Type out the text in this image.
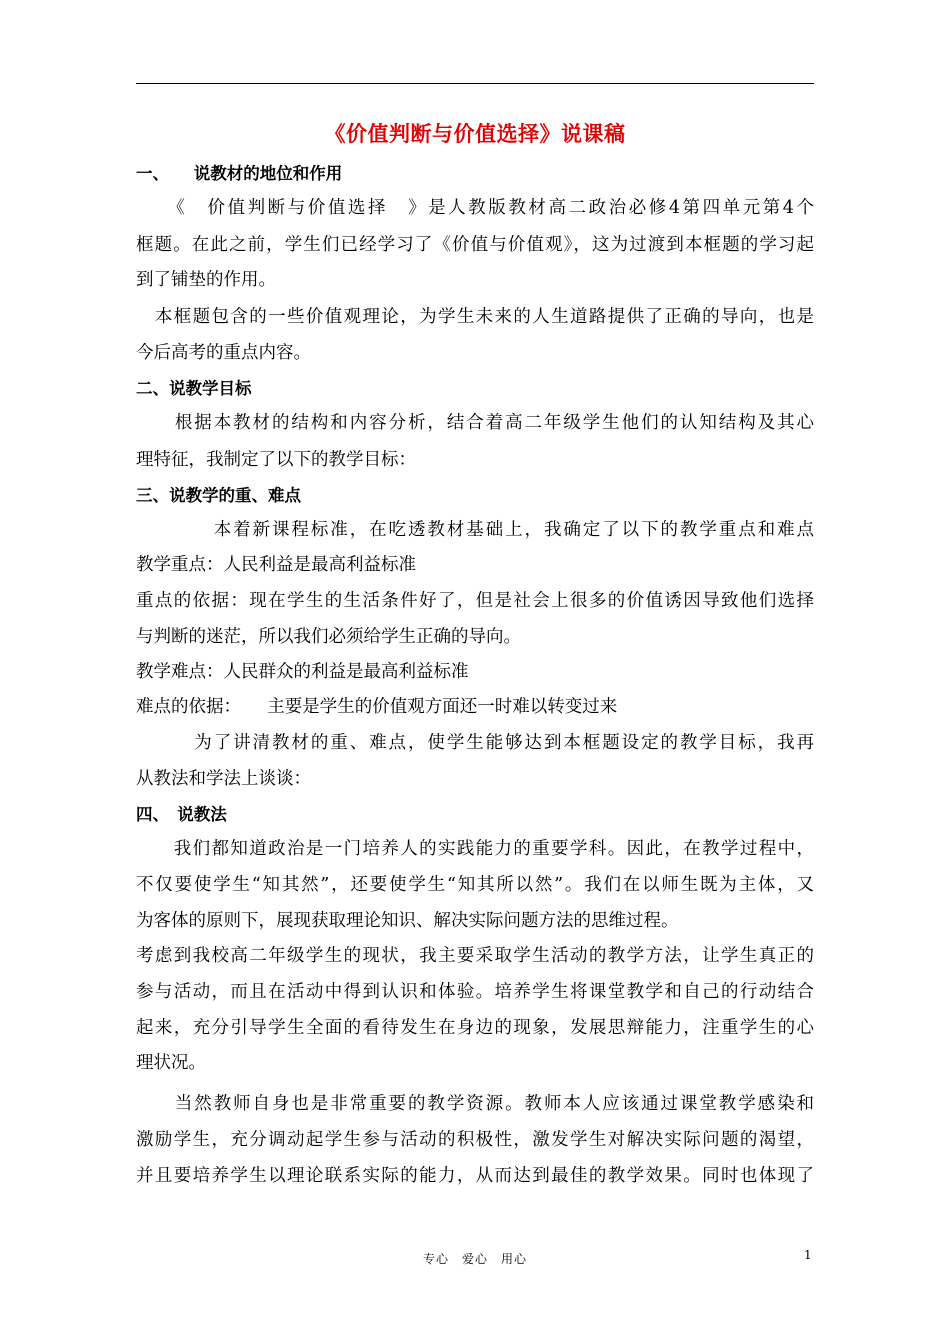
《价值判断与价值选择》说课稿
一、　　说教材的地位和作用
　　《　价值判断与价值选择　》是人教版教材高二政治必修4第四单元第4个
框题。在此之前，学生们已经学习了《价值与价值观》，这为过渡到本框题的学习起
到了铺垫的作用。
　本框题包含的一些价值观理论，为学生未来的人生道路提供了正确的导向，也是
今后高考的重点内容。
二、说教学目标
　　根据本教材的结构和内容分析，结合着高二年级学生他们的认知结构及其心
理特征，我制定了以下的教学目标：
三、说教学的重、难点
　　　　本着新课程标准，在吃透教材基础上，我确定了以下的教学重点和难点
教学重点：人民利益是最高利益标准
重点的依据：现在学生的生活条件好了，但是社会上很多的价值诱因导致他们选择
与判断的迷茫，所以我们必须给学生正确的导向。
教学难点：人民群众的利益是最高利益标准
难点的依据：　　主要是学生的价值观方面还一时难以转变过来
　　　为了讲清教材的重、难点，使学生能够达到本框题设定的教学目标，我再
从教法和学法上谈谈：
四、　说教法
　　我们都知道政治是一门培养人的实践能力的重要学科。因此，在教学过程中，
不仅要使学生“知其然”，还要使学生“知其所以然”。我们在以师生既为主体，又
为客体的原则下，展现获取理论知识、解决实际问题方法的思维过程。
考虑到我校高二年级学生的现状，我主要采取学生活动的教学方法，让学生真正的
参与活动，而且在活动中得到认识和体验。培养学生将课堂教学和自己的行动结合
起来，充分引导学生全面的看待发生在身边的现象，发展思辩能力，注重学生的心
理状况。
　　当然教师自身也是非常重要的教学资源。教师本人应该通过课堂教学感染和
激励学生，充分调动起学生参与活动的积极性，激发学生对解决实际问题的渴望，
并且要培养学生以理论联系实际的能力，从而达到最佳的教学效果。同时也体现了
专心　爱心　用心	1
